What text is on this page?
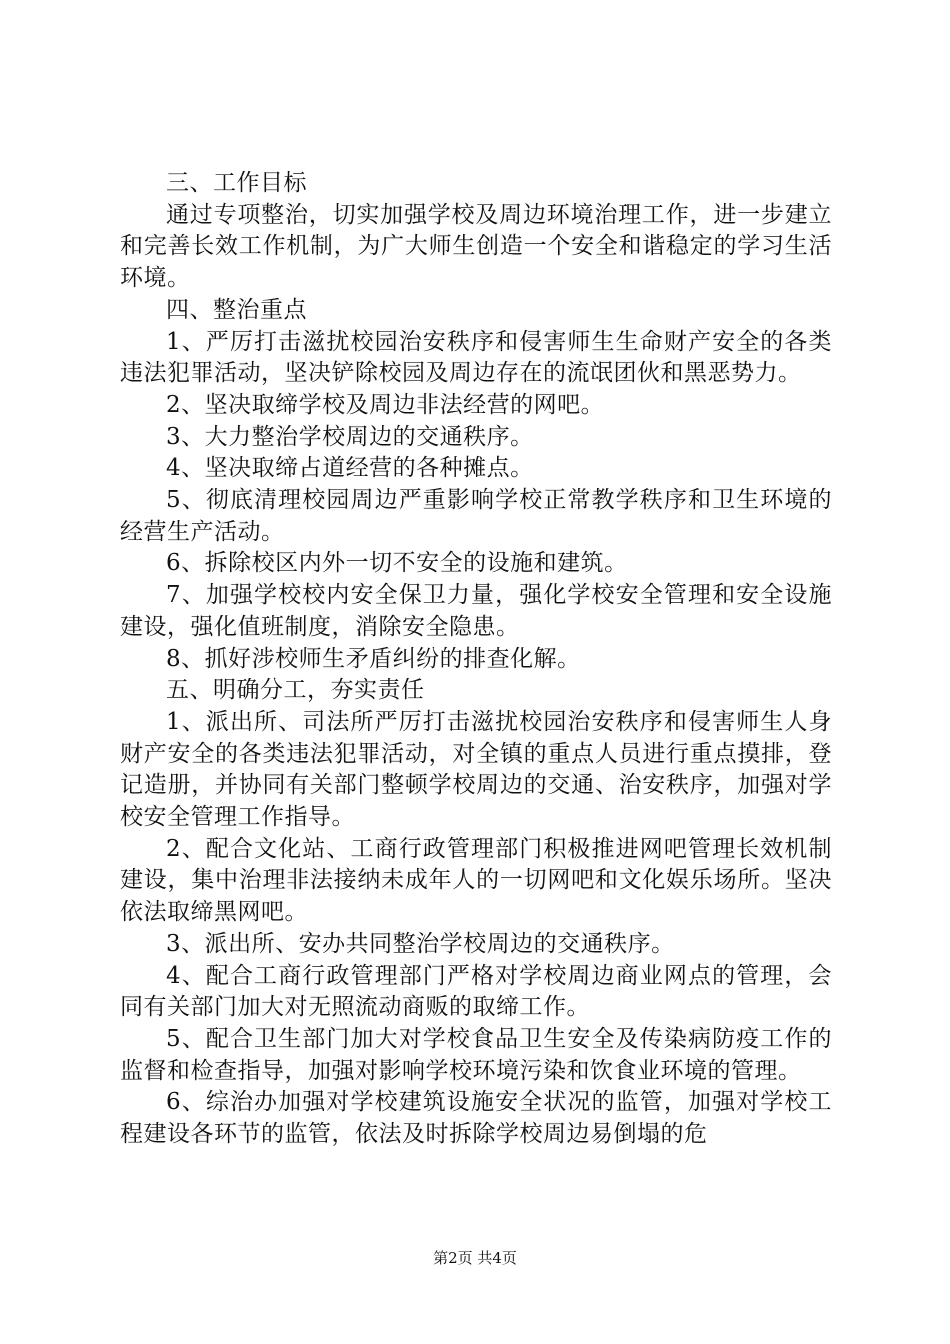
三、工作目标

通过专项整治，切实加强学校及周边环境治理工作，进一步建立和完善长效工作机制，为广大师生创造一个安全和谐稳定的学习生活环境。

四、整治重点

1、严厉打击滋扰校园治安秩序和侵害师生生命财产安全的各类违法犯罪活动，坚决铲除校园及周边存在的流氓团伙和黑恶势力。

2、坚决取缔学校及周边非法经营的网吧。

3、大力整治学校周边的交通秩序。

4、坚决取缔占道经营的各种摊点。

5、彻底清理校园周边严重影响学校正常教学秩序和卫生环境的经营生产活动。

6、拆除校区内外一切不安全的设施和建筑。

7、加强学校校内安全保卫力量，强化学校安全管理和安全设施建设，强化值班制度，消除安全隐患。

8、抓好涉校师生矛盾纠纷的排查化解。

五、明确分工，夯实责任

1、派出所、司法所严厉打击滋扰校园治安秩序和侵害师生人身财产安全的各类违法犯罪活动，对全镇的重点人员进行重点摸排，登记造册，并协同有关部门整顿学校周边的交通、治安秩序，加强对学校安全管理工作指导。

2、配合文化站、工商行政管理部门积极推进网吧管理长效机制建设，集中治理非法接纳未成年人的一切网吧和文化娱乐场所。坚决依法取缔黑网吧。

3、派出所、安办共同整治学校周边的交通秩序。

4、配合工商行政管理部门严格对学校周边商业网点的管理，会同有关部门加大对无照流动商贩的取缔工作。

5、配合卫生部门加大对学校食品卫生安全及传染病防疫工作的监督和检查指导，加强对影响学校环境污染和饮食业环境的管理。

6、综治办加强对学校建筑设施安全状况的监管，加强对学校工程建设各环节的监管，依法及时拆除学校周边易倒塌的危

第2页 共4页
